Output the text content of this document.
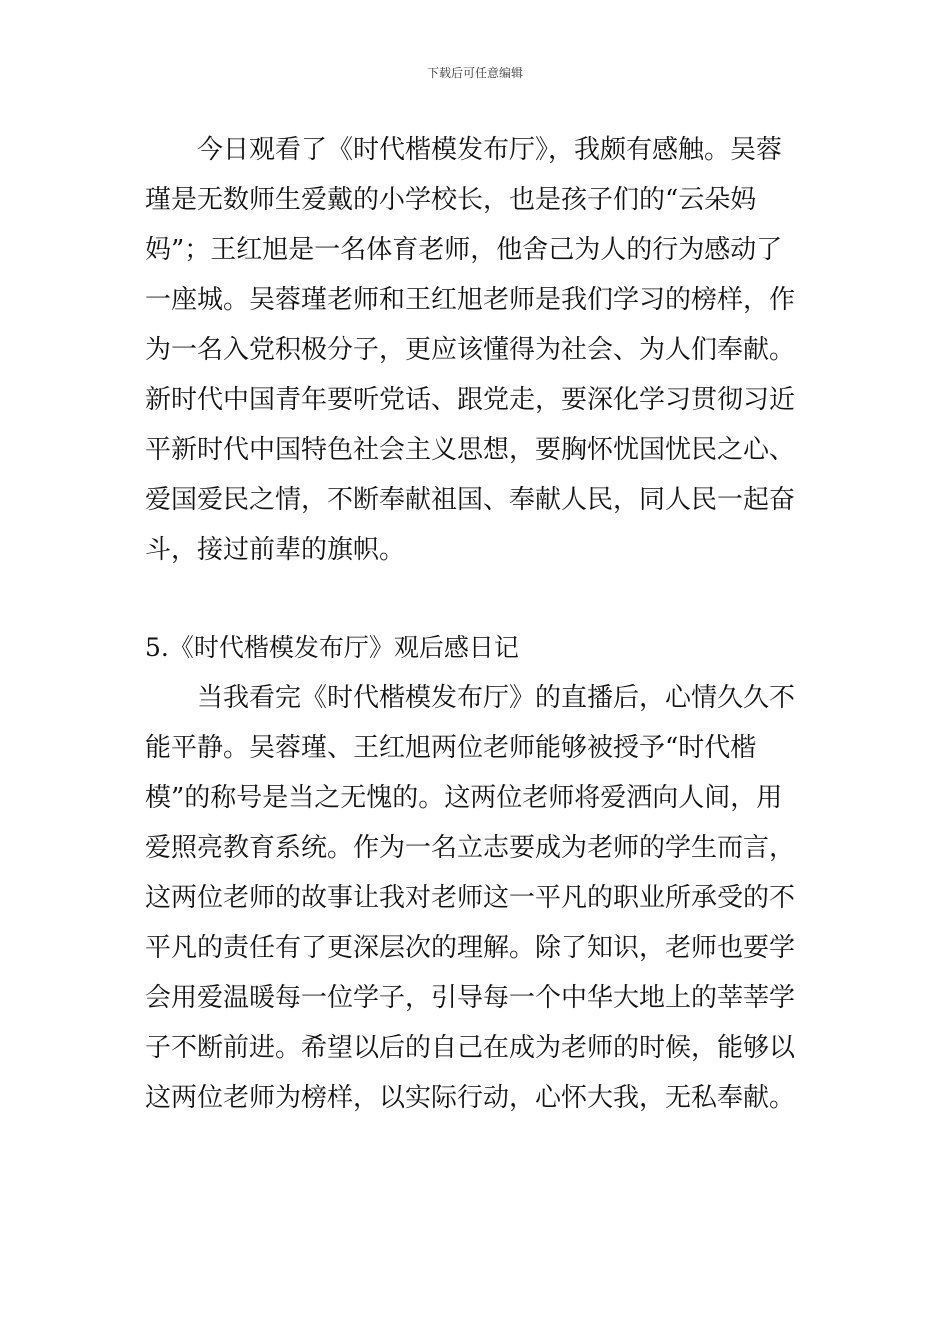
下载后可任意编辑
今日观看了《时代楷模发布厅》，我颇有感触。吴蓉
瑾是无数师生爱戴的小学校长，也是孩子们的“云朵妈
妈”；王红旭是一名体育老师，他舍己为人的行为感动了
一座城。吴蓉瑾老师和王红旭老师是我们学习的榜样，作
为一名入党积极分子，更应该懂得为社会、为人们奉献。
新时代中国青年要听党话、跟党走，要深化学习贯彻习近
平新时代中国特色社会主义思想，要胸怀忧国忧民之心、
爱国爱民之情，不断奉献祖国、奉献人民，同人民一起奋
斗，接过前辈的旗帜。
5.《时代楷模发布厅》观后感日记
当我看完《时代楷模发布厅》的直播后，心情久久不
能平静。吴蓉瑾、王红旭两位老师能够被授予“时代楷
模”的称号是当之无愧的。这两位老师将爱洒向人间，用
爱照亮教育系统。作为一名立志要成为老师的学生而言，
这两位老师的故事让我对老师这一平凡的职业所承受的不
平凡的责任有了更深层次的理解。除了知识，老师也要学
会用爱温暖每一位学子，引导每一个中华大地上的莘莘学
子不断前进。希望以后的自己在成为老师的时候，能够以
这两位老师为榜样，以实际行动，心怀大我，无私奉献。
